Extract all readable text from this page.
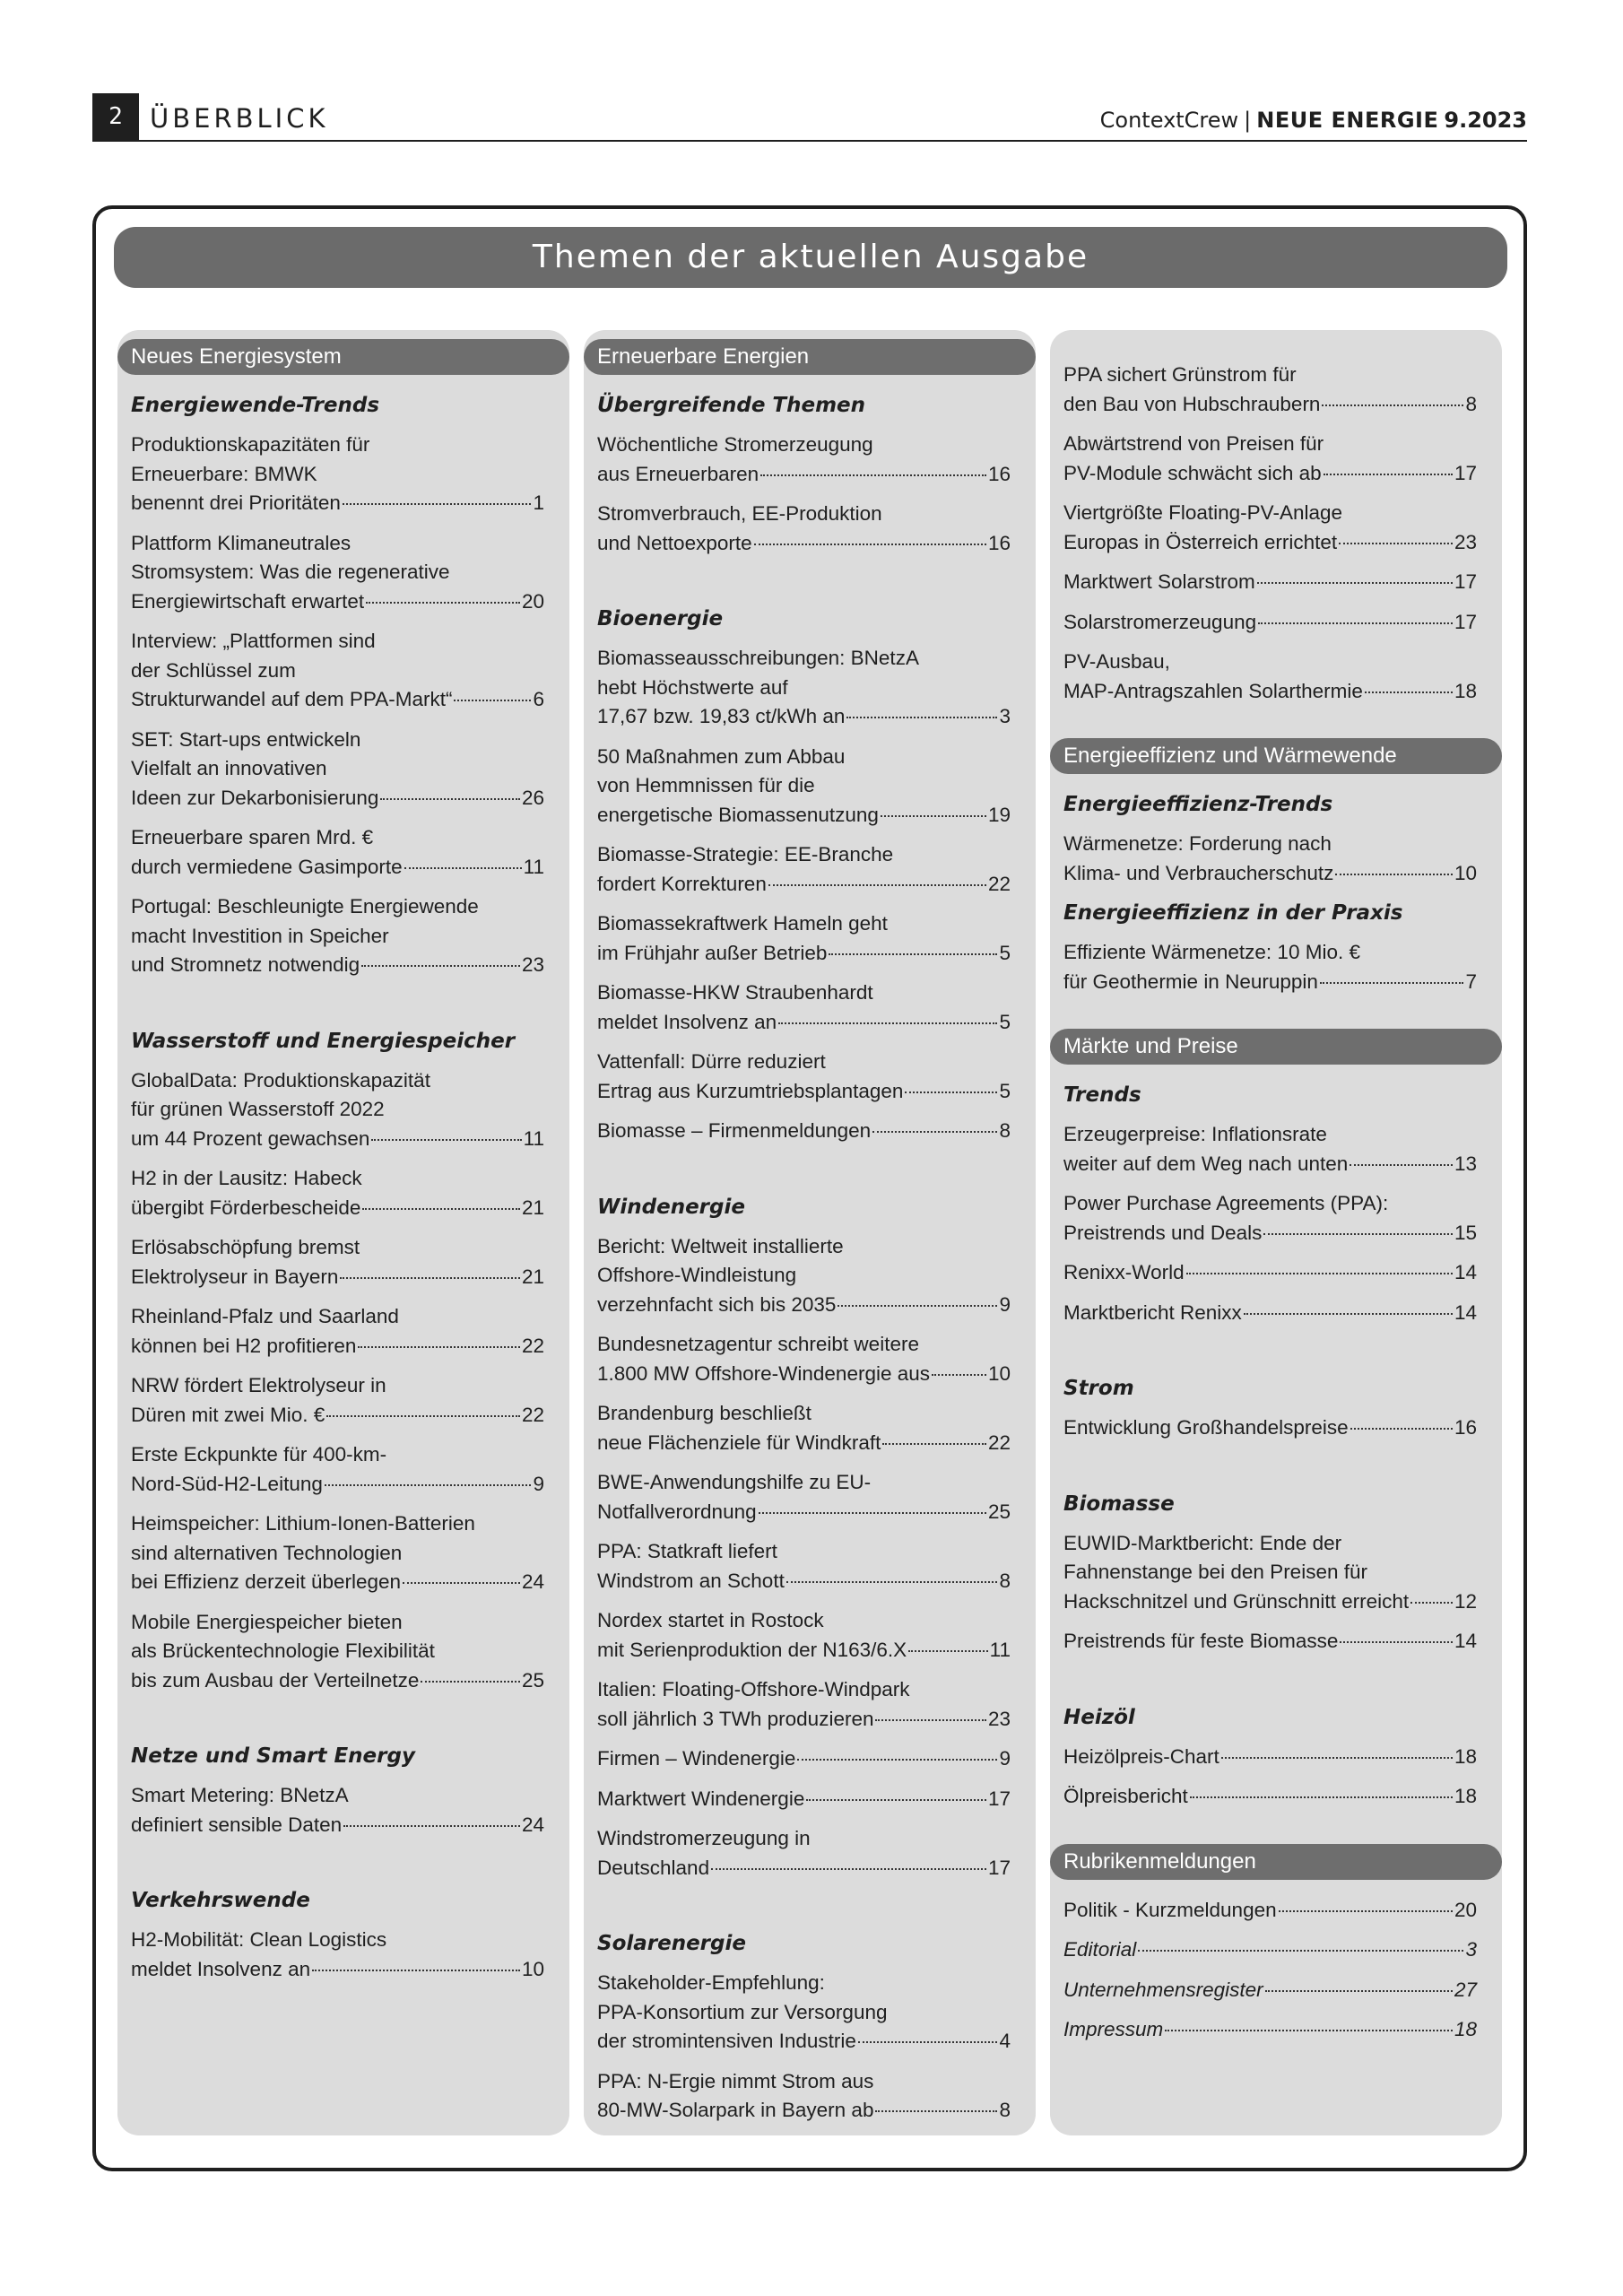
2	ÜBERBLICK	ContextCrew | NEUE ENERGIE 9.2023
Themen der aktuellen Ausgabe
Neues Energiesystem
Energiewende-Trends
Produktionskapazitäten für
Erneuerbare: BMWK
benennt drei Prioritäten	1
Plattform Klimaneutrales
Stromsystem: Was die regenerative
Energiewirtschaft erwartet	20
Interview: „Plattformen sind
der Schlüssel zum
Strukturwandel auf dem PPA-Markt“	6
SET: Start-ups entwickeln
Vielfalt an innovativen
Ideen zur Dekarbonisierung	26
Erneuerbare sparen Mrd. €
durch vermiedene Gasimporte	11
Portugal: Beschleunigte Energiewende
macht Investition in Speicher
und Stromnetz notwendig	23
Wasserstoff und Energiespeicher
GlobalData: Produktionskapazität
für grünen Wasserstoff 2022
um 44 Prozent gewachsen	11
H2 in der Lausitz: Habeck
übergibt Förderbescheide	21
Erlösabschöpfung bremst
Elektrolyseur in Bayern	21
Rheinland-Pfalz und Saarland
können bei H2 profitieren	22
NRW fördert Elektrolyseur in
Düren mit zwei Mio. €	22
Erste Eckpunkte für 400-km-
Nord-Süd-H2-Leitung	9
Heimspeicher: Lithium-Ionen-Batterien
sind alternativen Technologien
bei Effizienz derzeit überlegen	24
Mobile Energiespeicher bieten
als Brückentechnologie Flexibilität
bis zum Ausbau der Verteilnetze	25
Netze und Smart Energy
Smart Metering: BNetzA
definiert sensible Daten	24
Verkehrswende
H2-Mobilität: Clean Logistics
meldet Insolvenz an	10
Erneuerbare Energien
Übergreifende Themen
Wöchentliche Stromerzeugung
aus Erneuerbaren	16
Stromverbrauch, EE-Produktion
und Nettoexporte	16
Bioenergie
Biomasseausschreibungen: BNetzA
hebt Höchstwerte auf
17,67 bzw. 19,83 ct/kWh an	3
50 Maßnahmen zum Abbau
von Hemmnissen für die
energetische Biomassenutzung	19
Biomasse-Strategie: EE-Branche
fordert Korrekturen	22
Biomassekraftwerk Hameln geht
im Frühjahr außer Betrieb	5
Biomasse-HKW Straubenhardt
meldet Insolvenz an	5
Vattenfall: Dürre reduziert
Ertrag aus Kurzumtriebsplantagen	5
Biomasse – Firmenmeldungen	8
Windenergie
Bericht: Weltweit installierte
Offshore-Windleistung
verzehnfacht sich bis 2035	9
Bundesnetzagentur schreibt weitere
1.800 MW Offshore-Windenergie aus	10
Brandenburg beschließt
neue Flächenziele für Windkraft	22
BWE-Anwendungshilfe zu EU-
Notfallverordnung	25
PPA: Statkraft liefert
Windstrom an Schott	8
Nordex startet in Rostock
mit Serienproduktion der N163/6.X	11
Italien: Floating-Offshore-Windpark
soll jährlich 3 TWh produzieren	23
Firmen – Windenergie	9
Marktwert Windenergie	17
Windstromerzeugung in
Deutschland	17
Solarenergie
Stakeholder-Empfehlung:
PPA-Konsortium zur Versorgung
der stromintensiven Industrie	4
PPA: N-Ergie nimmt Strom aus
80-MW-Solarpark in Bayern ab	8
PPA sichert Grünstrom für
den Bau von Hubschraubern	8
Abwärtstrend von Preisen für
PV-Module schwächt sich ab	17
Viertgrößte Floating-PV-Anlage
Europas in Österreich errichtet	23
Marktwert Solarstrom	17
Solarstromerzeugung	17
PV-Ausbau,
MAP-Antragszahlen Solarthermie	18
Energieeffizienz und Wärmewende
Energieeffizienz-Trends
Wärmenetze: Forderung nach
Klima- und Verbraucherschutz	10
Energieeffizienz in der Praxis
Effiziente Wärmenetze: 10 Mio. €
für Geothermie in Neuruppin	7
Märkte und Preise
Trends
Erzeugerpreise: Inflationsrate
weiter auf dem Weg nach unten	13
Power Purchase Agreements (PPA):
Preistrends und Deals	15
Renixx-World	14
Marktbericht Renixx	14
Strom
Entwicklung Großhandelspreise	16
Biomasse
EUWID-Marktbericht: Ende der
Fahnenstange bei den Preisen für
Hackschnitzel und Grünschnitt erreicht 12
Preistrends für feste Biomasse	14
Heizöl
Heizölpreis-Chart	18
Ölpreisbericht	18
Rubrikenmeldungen
Politik - Kurzmeldungen	20
Editorial	3
Unternehmensregister	27
Impressum	18
